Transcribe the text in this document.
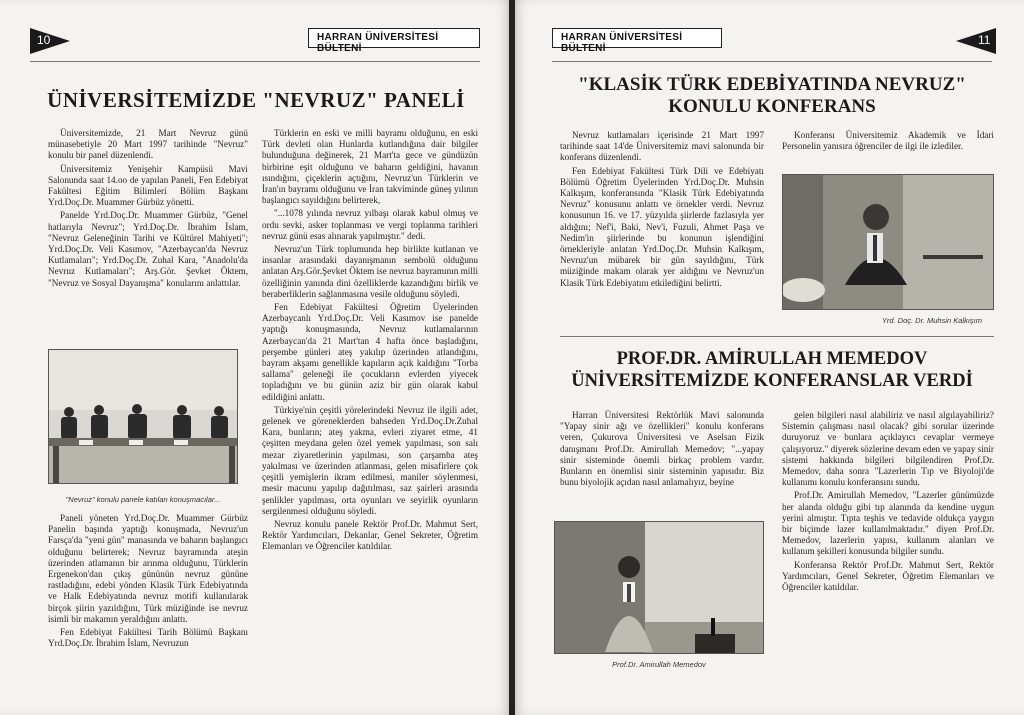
10	HARRAN ÜNİVERSİTESİ BÜLTENİ
ÜNİVERSİTEMİZDE "NEVRUZ" PANELİ

Üniversitemizde, 21 Mart Nevruz günü münasebetiyle 20 Mart 1997 tarihinde "Nevruz" konulu bir panel düzenlendi.

Üniversitemiz Yenişehir Kampüsü Mavi Salonunda saat 14.oo de yapılan Paneli, Fen Edebiyat Fakültesi Eğitim Bilimleri Bölüm Başkanı Yrd.Doç.Dr. Muammer Gürbüz yönetti.

Panelde Yrd.Doç.Dr. Muammer Gürbüz, "Genel hatlarıyla Nevruz"; Yrd.Doç.Dr. İbrahim İslam, "Nevruz Geleneğinin Tarihi ve Kültürel Mahiyeti"; Yrd.Doç.Dr. Veli Kasımov, "Azerbaycan'da Nevruz Kutlamaları"; Yrd.Doç.Dr. Zuhal Kara, "Anadolu'da Nevruz Kutlamaları"; Arş.Gör. Şevket Öktem, "Nevruz ve Sosyal Dayanışma" konularını anlattılar.

"Nevruz" konulu panele katılan konuşmacılar...

Paneli yöneten Yrd.Doç.Dr. Muammer Gürbüz Panelin başında yaptığı konuşmada, Nevruz'un Farsça'da "yeni gün" manasında ve baharın başlangıcı olduğunu belirterek; Nevruz bayramında ateşin üzerinden atlamanın bir arınma olduğunu, Türklerin Ergenekon'dan çıkış gününün nevruz gününe rastladığını, edebi yönden Klasik Türk Edebiyatında ve Halk Edebiyatında nevruz motifi kullanılarak birçok şiirin yazıldığını, Türk müziğinde ise nevruz isimli bir makamın yeraldığını anlattı.

Fen Edebiyat Fakültesi Tarih Bölümü Başkanı Yrd.Doç.Dr. İbrahim İslam, Nevruzun

Türklerin en eski ve milli bayramı olduğunu, en eski Türk devleti olan Hunlarda kutlandığına dair bilgiler bulunduğuna değinerek, 21 Mart'ta gece ve gündüzün birbirine eşit olduğunu ve baharın geldiğini, havanın ısındığını, çiçeklerin açtığını, Nevruz'un Türklerin ve İran'ın bayramı olduğunu ve İran takviminde güneş yılının başlangıcı sayıldığını belirterek,

"...1078 yılında nevruz yılbaşı olarak kabul olmuş ve ordu sevki, asker toplanması ve vergi toplanma tarihleri nevruz günü esas alınarak yapılmıştır." dedi.

Nevruz'un Türk toplumunda hep birlikte kutlanan ve insanlar arasındaki dayanışmanın sembolü olduğunu anlatan Arş.Gör.Şevket Öktem ise nevruz bayramının milli özelliğinin yanında dini özelliklerde kazandığını birlik ve beraberliklerin sağlanmasına vesile olduğunu söyledi.

Fen Edebiyat Fakültesi Öğretim Üyelerinden Azerbaycanlı Yrd.Doç.Dr. Veli Kasımov ise panelde yaptığı konuşmasında, Nevruz kutlamalarının Azerbaycan'da 21 Mart'tan 4 hafta önce başladığını, perşembe günleri ateş yakılıp üzerinden atlandığını, bayram akşamı genellikle kapıların açık kaldığını "Torba sallama" geleneği ile çocukların evlerden yiyecek topladığını ve bu günün aziz bir gün olarak kabul edildiğini anlattı.

Türkiye'nin çeşitli yörelerindeki Nevruz ile ilgili adet, gelenek ve göreneklerden bahseden Yrd.Doç.Dr.Zuhal Kara, bunların; ateş yakma, evleri ziyaret etme, 41 çeşitten meydana gelen özel yemek yapılması, son salı mezar ziyaretlerinin yapılması, son çarşamba ateş yakılması ve üzerinden atlanması, gelen misafirlere çok çeşitli yemişlerin ikram edilmesi, maniler söylenmesi, mesir macunu yapılıp dağıtılması, saz şairleri arasında şenlikler yapılması, orta oyunları ve seyirlik oyunların sergilenmesi olduğunu söyledi.

Nevruz konulu panele Rektör Prof.Dr. Mahmut Sert, Rektör Yardımcıları, Dekanlar, Genel Sekreter, Öğretim Elemanları ve Öğrenciler katıldılar.

HARRAN ÜNİVERSİTESİ BÜLTENİ
11
"KLASİK TÜRK EDEBİYATINDA NEVRUZ"
KONULU KONFERANS

Nevruz kutlamaları içerisinde 21 Mart 1997 tarihinde saat 14'de Üniversitemiz mavi salonunda bir konferans düzenlendi.

Fen Edebiyat Fakültesi Türk Dili ve Edebiyatı Bölümü Öğretim Üyelerinden Yrd.Doç.Dr. Muhsin Kalkışım, konferansında "Klasik Türk Edebiyatında Nevruz" konusunu anlattı ve örnekler verdi. Nevruz konusunun 16. ve 17. yüzyılda şiirlerde fazlasıyla yer aldığını; Nef'i, Baki, Nev'i, Fuzuli, Ahmet Paşa ve Nedim'in şiirlerinde bu konunun işlendiğini örnekleriyle anlatan Yrd.Doç.Dr. Muhsin Kalkışım, Nevruz'un mübarek bir gün sayıldığını, Türk müziğinde makam olarak yer aldığını ve Nevruz'un Klasik Türk Edebiyatını etkilediğini belirtti.

Konferansı Üniversitemiz Akademik ve İdari Personelin yanısıra öğrenciler de ilgi ile izlediler.

Yrd. Doç. Dr. Muhsin Kalkışım
PROF.DR. AMİRULLAH MEMEDOV
ÜNİVERSİTEMİZDE KONFERANSLAR VERDİ

Harran Üniversitesi Rektörlük Mavi salonunda "Yapay sinir ağı ve özellikleri" konulu konferans veren, Çukurova Üniversitesi ve Aselsan Fizik danışmanı Prof.Dr. Amirullah Memedov; "...yapay sinir sisteminde önemli birkaç problem vardır. Bunların en önemlisi sinir sisteminin yapısıdır. Biz bunu biyolojik açıdan nasıl anlamalıyız, beyine

Prof.Dr. Amirullah Memedov

gelen bilgileri nasıl alabiliriz ve nasıl algılayabiliriz? Sistemin çalışması nasıl olacak? gibi sorular üzerinde duruyoruz ve bunlara açıklayıcı cevaplar vermeye çalışıyoruz." diyerek sözlerine devam eden ve yapay sinir sistemi hakkında bilgileri bilgilendiren Prof.Dr. Memedov, daha sonra "Lazerlerin Tıp ve Biyoloji'de kullanımı konulu konferansını sundu.

Prof.Dr. Amirullah Memedov, "Lazerler günümüzde her alanda olduğu gibi tıp alanında da kendine uygun yerini almıştır. Tıpta teşhis ve tedavide oldukça yaygın bir biçimde lazer kullanılmaktadır." diyen Prof.Dr. Memedov, lazerlerin yapısı, kullanım alanları ve kullanım şekilleri konusunda bilgiler sundu.

Konferansa Rektör Prof.Dr. Mahmut Sert, Rektör Yardımcıları, Genel Sekreter, Öğretim Elemanları ve Öğrenciler katıldılar.
